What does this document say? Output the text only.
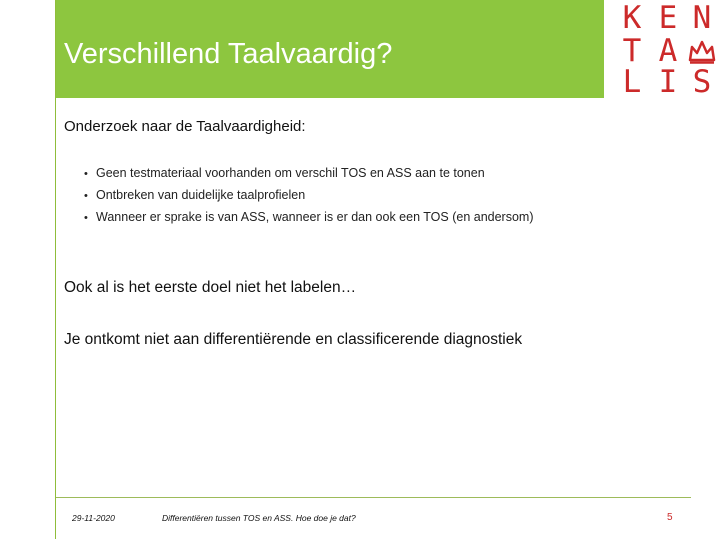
Verschillend Taalvaardig?
K E N
T A
L I S
Onderzoek naar de Taalvaardigheid:
• Geen testmateriaal voorhanden om verschil TOS en ASS aan te tonen
• Ontbreken van duidelijke taalprofielen
• Wanneer er sprake is van ASS, wanneer is er dan ook een TOS (en andersom)
Ook al is het eerste doel niet het labelen…
Je ontkomt niet aan differentiërende en classificerende diagnostiek
29-11-2020	Differentiëren tussen TOS en ASS. Hoe doe je dat?	5
